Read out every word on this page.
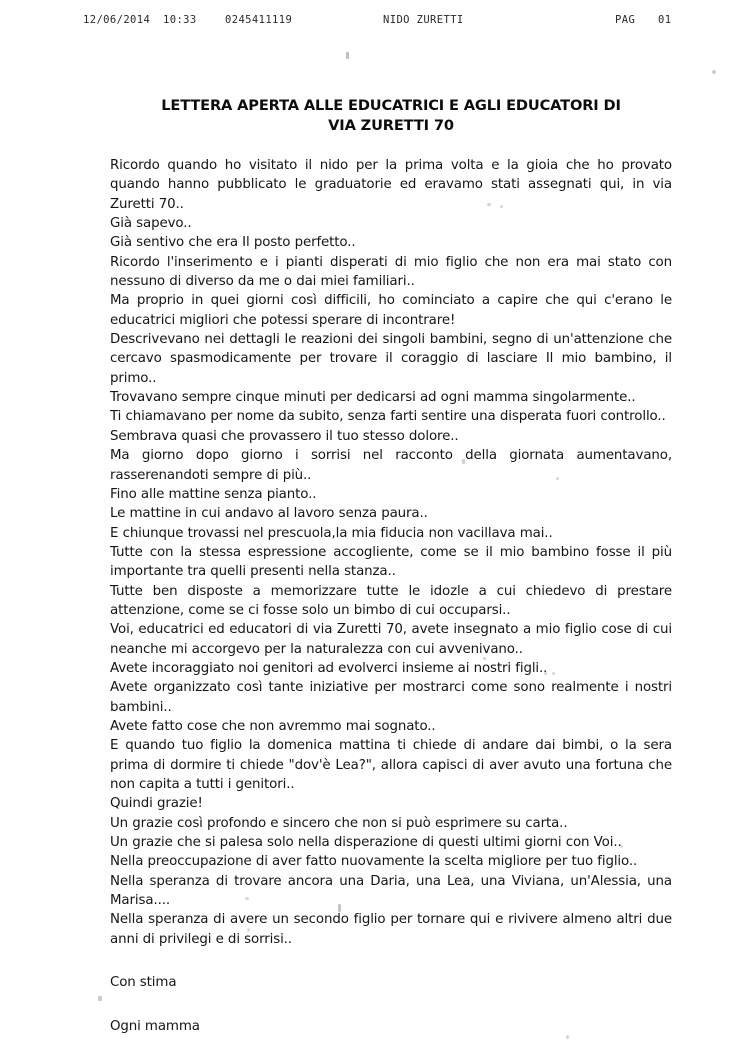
12/06/2014 10:33	0245411119	NIDO ZURETTI	PAG 01
LETTERA APERTA ALLE EDUCATRICI E AGLI EDUCATORI DI
VIA ZURETTI 70

Ricordo quando ho visitato il nido per la prima volta e la gioia che ho provato quando hanno pubblicato le graduatorie ed eravamo stati assegnati qui, in via Zuretti 70..

Già sapevo..

Già sentivo che era Il posto perfetto..

Ricordo l'inserimento e i pianti disperati di mio figlio che non era mai stato con nessuno di diverso da me o dai miei familiari..

Ma proprio in quei giorni così difficili, ho cominciato a capire che qui c'erano le educatrici migliori che potessi sperare di incontrare!

Descrivevano nei dettagli le reazioni dei singoli bambini, segno di un'attenzione che cercavo spasmodicamente per trovare il coraggio di lasciare Il mio bambino, il primo..

Trovavano sempre cinque minuti per dedicarsi ad ogni mamma singolarmente..

Ti chiamavano per nome da subito, senza farti sentire una disperata fuori controllo..

Sembrava quasi che provassero il tuo stesso dolore..

Ma giorno dopo giorno i sorrisi nel racconto della giornata aumentavano, rasserenandoti sempre di più..

Fino alle mattine senza pianto..

Le mattine in cui andavo al lavoro senza paura..

E chiunque trovassi nel prescuola,la mia fiducia non vacillava mai..

Tutte con la stessa espressione accogliente, come se il mio bambino fosse il più importante tra quelli presenti nella stanza..

Tutte ben disposte a memorizzare tutte le idozle a cui chiedevo di prestare attenzione, come se ci fosse solo un bimbo di cui occuparsi..

Voi, educatrici ed educatori di via Zuretti 70, avete insegnato a mio figlio cose di cui neanche mi accorgevo per la naturalezza con cui avvenivano..

Avete incoraggiato noi genitori ad evolverci insieme ai nostri figli..

Avete organizzato così tante iniziative per mostrarci come sono realmente i nostri bambini..

Avete fatto cose che non avremmo mai sognato..

E quando tuo figlio la domenica mattina ti chiede di andare dai bimbi, o la sera prima di dormire ti chiede "dov'è Lea?", allora capisci di aver avuto una fortuna che non capita a tutti i genitori..

Quindi grazie!

Un grazie così profondo e sincero che non si può esprimere su carta..

Un grazie che si palesa solo nella disperazione di questi ultimi giorni con Voi..

Nella preoccupazione di aver fatto nuovamente la scelta migliore per tuo figlio..

Nella speranza di trovare ancora una Daria, una Lea, una Viviana, un'Alessia, una Marisa....

Nella speranza di avere un secondo figlio per tornare qui e rivivere almeno altri due anni di privilegi e di sorrisi..

Con stima

Ogni mamma
